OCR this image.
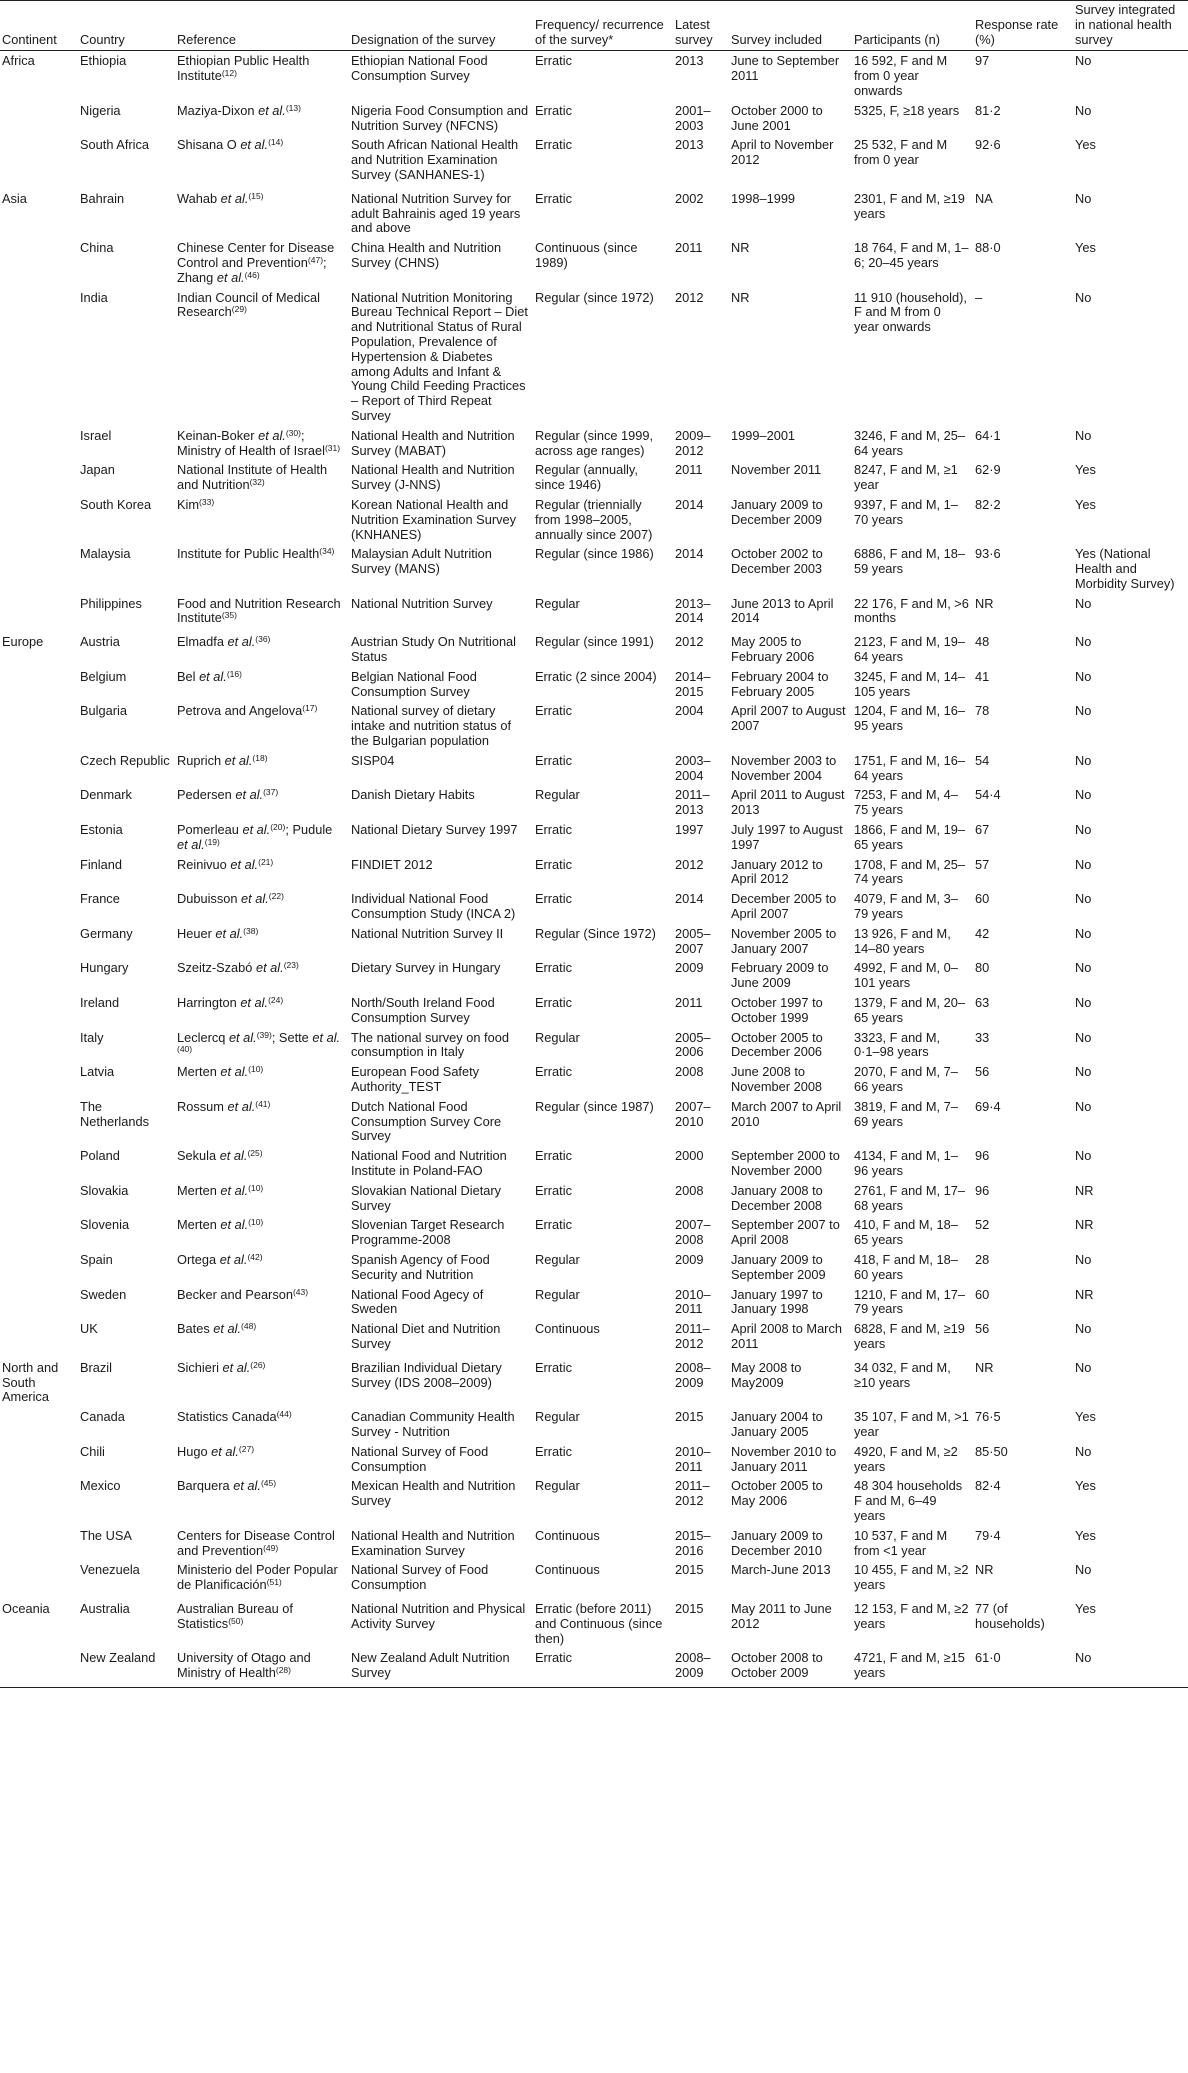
Continent	Country	Reference	Designation of the survey	Frequency/ recurrence of the survey*	Latest survey	Survey included	Participants (n)	Response rate (%)	Survey integrated in national health survey
Africa	Ethiopia	Ethiopian Public Health Institute$^{(12)}$	Ethiopian National Food Consumption Survey	Erratic	2013	June to September 2011	16 592, F and M from 0 year onwards	97	No
	Nigeria	Maziya-Dixon et al.$^{(13)}$	Nigeria Food Consumption and Nutrition Survey (NFCNS)	Erratic	2001–2003	October 2000 to June 2001	5325, F, ≥18 years	81·2	No
	South Africa	Shisana O et al.$^{(14)}$	South African National Health and Nutrition Examination Survey (SANHANES-1)	Erratic	2013	April to November 2012	25 532, F and M from 0 year	92·6	Yes
Asia	Bahrain	Wahab et al.$^{(15)}$	National Nutrition Survey for adult Bahrainis aged 19 years and above	Erratic	2002	1998–1999	2301, F and M, ≥19 years	NA	No
	China	Chinese Center for Disease Control and Prevention$^{(47)}$; Zhang et al.$^{(46)}$	China Health and Nutrition Survey (CHNS)	Continuous (since 1989)	2011	NR	18 764, F and M, 1–6; 20–45 years	88·0	Yes
	India	Indian Council of Medical Research$^{(29)}$	National Nutrition Monitoring Bureau Technical Report – Diet and Nutritional Status of Rural Population, Prevalence of Hypertension & Diabetes among Adults and Infant & Young Child Feeding Practices – Report of Third Repeat Survey	Regular (since 1972)	2012	NR	11 910 (household), F and M from 0 year onwards	–	No
	Israel	Keinan-Boker et al.$^{(30)}$; Ministry of Health of Israel$^{(31)}$	National Health and Nutrition Survey (MABAT)	Regular (since 1999, across age ranges)	2009–2012	1999–2001	3246, F and M, 25–64 years	64·1	No
	Japan	National Institute of Health and Nutrition$^{(32)}$	National Health and Nutrition Survey (J-NNS)	Regular (annually, since 1946)	2011	November 2011	8247, F and M, ≥1 year	62·9	Yes
	South Korea	Kim$^{(33)}$	Korean National Health and Nutrition Examination Survey (KNHANES)	Regular (triennially from 1998–2005, annually since 2007)	2014	January 2009 to December 2009	9397, F and M, 1–70 years	82·2	Yes
	Malaysia	Institute for Public Health$^{(34)}$	Malaysian Adult Nutrition Survey (MANS)	Regular (since 1986)	2014	October 2002 to December 2003	6886, F and M, 18–59 years	93·6	Yes (National Health and Morbidity Survey)
	Philippines	Food and Nutrition Research Institute$^{(35)}$	National Nutrition Survey	Regular	2013–2014	June 2013 to April 2014	22 176, F and M, >6 months	NR	No
Europe	Austria	Elmadfa et al.$^{(36)}$	Austrian Study On Nutritional Status	Regular (since 1991)	2012	May 2005 to February 2006	2123, F and M, 19–64 years	48	No
	Belgium	Bel et al.$^{(16)}$	Belgian National Food Consumption Survey	Erratic (2 since 2004)	2014–2015	February 2004 to February 2005	3245, F and M, 14–105 years	41	No
	Bulgaria	Petrova and Angelova$^{(17)}$	National survey of dietary intake and nutrition status of the Bulgarian population	Erratic	2004	April 2007 to August 2007	1204, F and M, 16–95 years	78	No
	Czech Republic	Ruprich et al.$^{(18)}$	SISP04	Erratic	2003–2004	November 2003 to November 2004	1751, F and M, 16–64 years	54	No
	Denmark	Pedersen et al.$^{(37)}$	Danish Dietary Habits	Regular	2011–2013	April 2011 to August 2013	7253, F and M, 4–75 years	54·4	No
	Estonia	Pomerleau et al.$^{(20)}$; Pudule et al.$^{(19)}$	National Dietary Survey 1997	Erratic	1997	July 1997 to August 1997	1866, F and M, 19–65 years	67	No
	Finland	Reinivuo et al.$^{(21)}$	FINDIET 2012	Erratic	2012	January 2012 to April 2012	1708, F and M, 25–74 years	57	No
	France	Dubuisson et al.$^{(22)}$	Individual National Food Consumption Study (INCA 2)	Erratic	2014	December 2005 to April 2007	4079, F and M, 3–79 years	60	No
	Germany	Heuer et al.$^{(38)}$	National Nutrition Survey II	Regular (Since 1972)	2005–2007	November 2005 to January 2007	13 926, F and M, 14–80 years	42	No
	Hungary	Szeitz-Szabó et al.$^{(23)}$	Dietary Survey in Hungary	Erratic	2009	February 2009 to June 2009	4992, F and M, 0–101 years	80	No
	Ireland	Harrington et al.$^{(24)}$	North/South Ireland Food Consumption Survey	Erratic	2011	October 1997 to October 1999	1379, F and M, 20–65 years	63	No
	Italy	Leclercq et al.$^{(39)}$; Sette et al.$^{(40)}$	The national survey on food consumption in Italy	Regular	2005–2006	October 2005 to December 2006	3323, F and M, 0·1–98 years	33	No
	Latvia	Merten et al.$^{(10)}$	European Food Safety Authority_TEST	Erratic	2008	June 2008 to November 2008	2070, F and M, 7–66 years	56	No
	The Netherlands	Rossum et al.$^{(41)}$	Dutch National Food Consumption Survey Core Survey	Regular (since 1987)	2007–2010	March 2007 to April 2010	3819, F and M, 7–69 years	69·4	No
	Poland	Sekula et al.$^{(25)}$	National Food and Nutrition Institute in Poland-FAO	Erratic	2000	September 2000 to November 2000	4134, F and M, 1–96 years	96	No
	Slovakia	Merten et al.$^{(10)}$	Slovakian National Dietary Survey	Erratic	2008	January 2008 to December 2008	2761, F and M, 17–68 years	96	NR
	Slovenia	Merten et al.$^{(10)}$	Slovenian Target Research Programme-2008	Erratic	2007–2008	September 2007 to April 2008	410, F and M, 18–65 years	52	NR
	Spain	Ortega et al.$^{(42)}$	Spanish Agency of Food Security and Nutrition	Regular	2009	January 2009 to September 2009	418, F and M, 18–60 years	28	No
	Sweden	Becker and Pearson$^{(43)}$	National Food Agecy of Sweden	Regular	2010–2011	January 1997 to January 1998	1210, F and M, 17–79 years	60	NR
	UK	Bates et al.$^{(48)}$	National Diet and Nutrition Survey	Continuous	2011–2012	April 2008 to March 2011	6828, F and M, ≥19 years	56	No
North and South America	Brazil	Sichieri et al.$^{(26)}$	Brazilian Individual Dietary Survey (IDS 2008–2009)	Erratic	2008–2009	May 2008 to May2009	34 032, F and M, ≥10 years	NR	No
	Canada	Statistics Canada$^{(44)}$	Canadian Community Health Survey - Nutrition	Regular	2015	January 2004 to January 2005	35 107, F and M, >1 year	76·5	Yes
	Chili	Hugo et al.$^{(27)}$	National Survey of Food Consumption	Erratic	2010–2011	November 2010 to January 2011	4920, F and M, ≥2 years	85·50	No
	Mexico	Barquera et al.$^{(45)}$	Mexican Health and Nutrition Survey	Regular	2011–2012	October 2005 to May 2006	48 304 households F and M, 6–49 years	82·4	Yes
	The USA	Centers for Disease Control and Prevention$^{(49)}$	National Health and Nutrition Examination Survey	Continuous	2015–2016	January 2009 to December 2010	10 537, F and M from <1 year	79·4	Yes
	Venezuela	Ministerio del Poder Popular de Planificación$^{(51)}$	National Survey of Food Consumption	Continuous	2015	March-June 2013	10 455, F and M, ≥2 years	NR	No
Oceania	Australia	Australian Bureau of Statistics$^{(50)}$	National Nutrition and Physical Activity Survey	Erratic (before 2011) and Continuous (since then)	2015	May 2011 to June 2012	12 153, F and M, ≥2 years	77 (of households)	Yes
	New Zealand	University of Otago and Ministry of Health$^{(28)}$	New Zealand Adult Nutrition Survey	Erratic	2008–2009	October 2008 to October 2009	4721, F and M, ≥15 years	61·0	No
